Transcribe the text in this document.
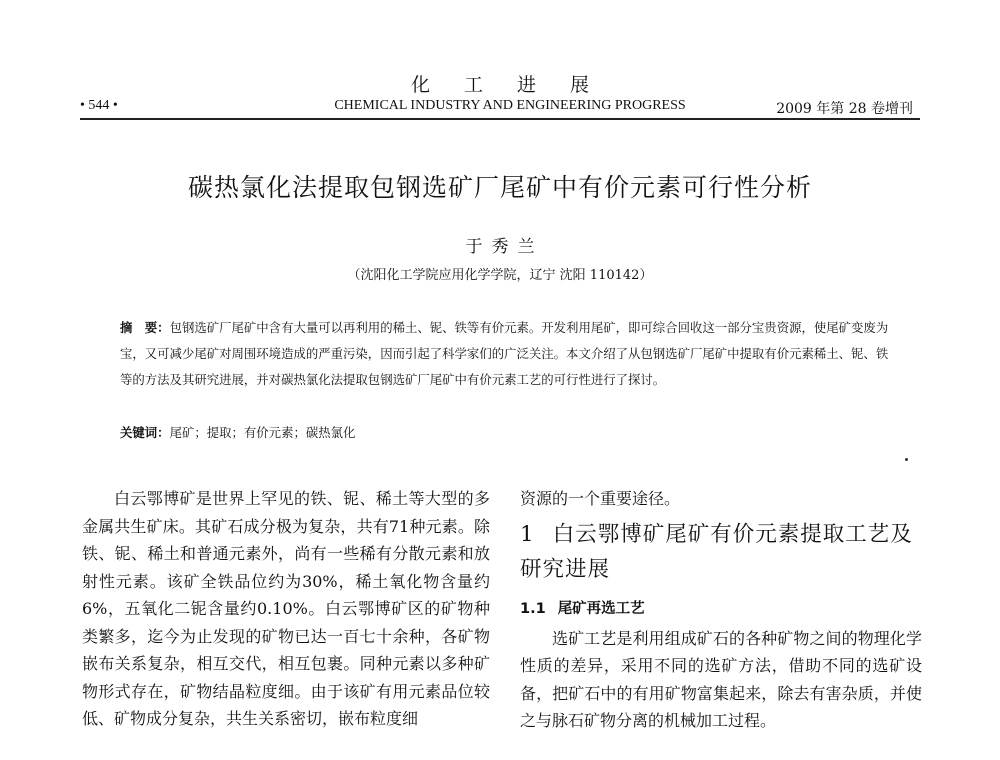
化工进展
• 544 •	CHEMICAL INDUSTRY AND ENGINEERING PROGRESS	2009 年第 28 卷增刊
碳热氯化法提取包钢选矿厂尾矿中有价元素可行性分析
于秀兰
（沈阳化工学院应用化学学院，辽宁 沈阳 110142）
摘　要：包钢选矿厂尾矿中含有大量可以再利用的稀土、铌、铁等有价元素。开发利用尾矿，即可综合回收这一部分宝贵资源，使尾矿变废为宝，又可减少尾矿对周围环境造成的严重污染，因而引起了科学家们的广泛关注。本文介绍了从包钢选矿厂尾矿中提取有价元素稀土、铌、铁等的方法及其研究进展，并对碳热氯化法提取包钢选矿厂尾矿中有价元素工艺的可行性进行了探讨。
关键词：尾矿；提取；有价元素；碳热氯化

白云鄂博矿是世界上罕见的铁、铌、稀土等大型的多金属共生矿床。其矿石成分极为复杂，共有71种元素。除铁、铌、稀土和普通元素外，尚有一些稀有分散元素和放射性元素。该矿全铁品位约为30%，稀土氧化物含量约 6%，五氧化二铌含量约0.10%。白云鄂博矿区的矿物种类繁多，迄今为止发现的矿物已达一百七十余种，各矿物嵌布关系复杂，相互交代，相互包裹。同种元素以多种矿物形式存在，矿物结晶粒度细。由于该矿有用元素品位较低、矿物成分复杂，共生关系密切，嵌布粒度细

资源的一个重要途径。

1 白云鄂博矿尾矿有价元素提取工艺及研究进展
1.1 尾矿再选工艺

选矿工艺是利用组成矿石的各种矿物之间的物理化学性质的差异，采用不同的选矿方法，借助不同的选矿设备，把矿石中的有用矿物富集起来，除去有害杂质，并使之与脉石矿物分离的机械加工过程。
